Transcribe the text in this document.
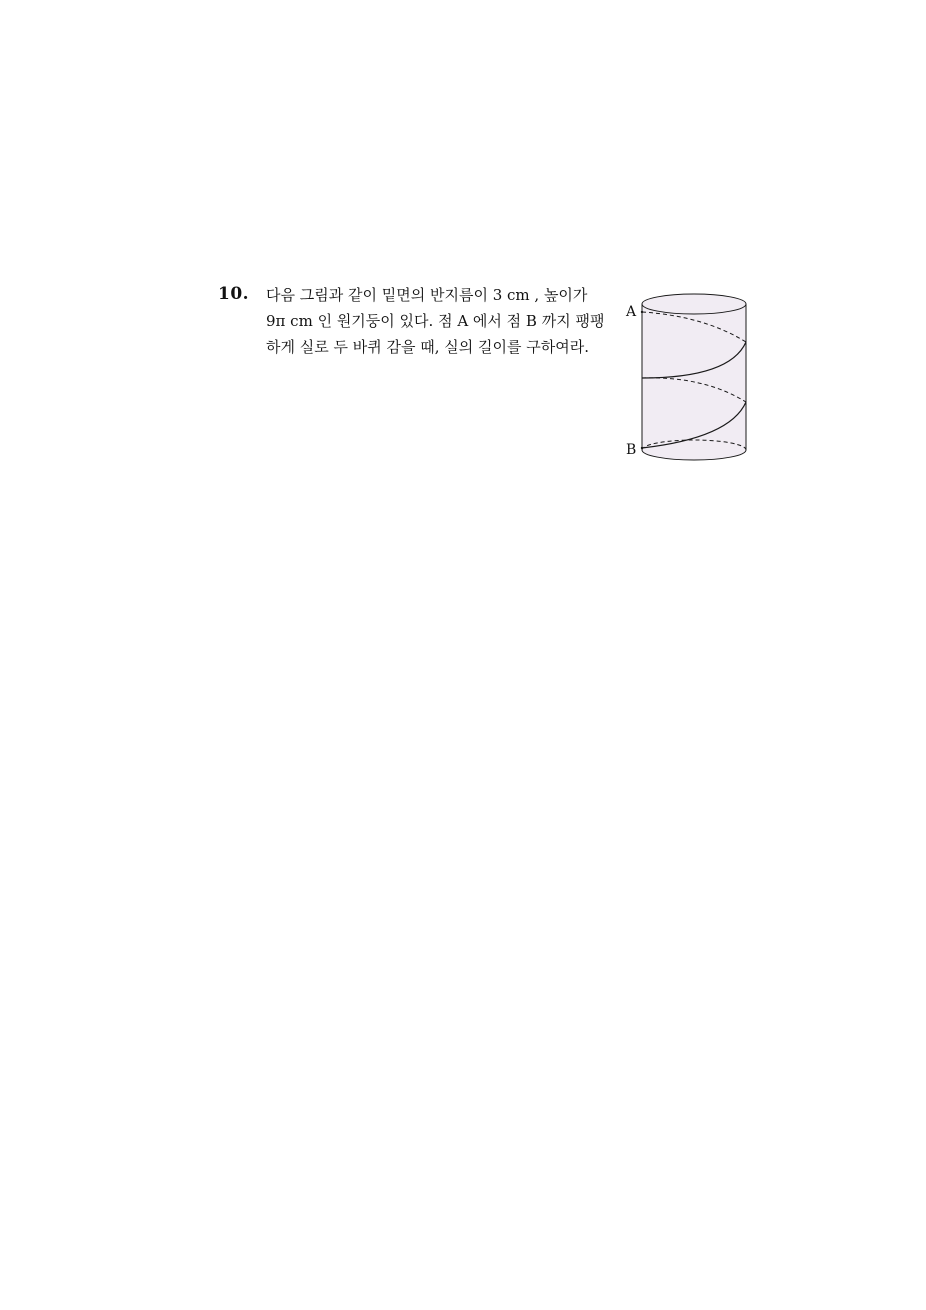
10. 다음 그림과 같이 밑면의 반지름이 3 cm , 높이가
9π cm 인 원기둥이 있다. 점 A 에서 점 B 까지 팽팽
하게 실로 두 바퀴 감을 때, 실의 길이를 구하여라.
A
B
